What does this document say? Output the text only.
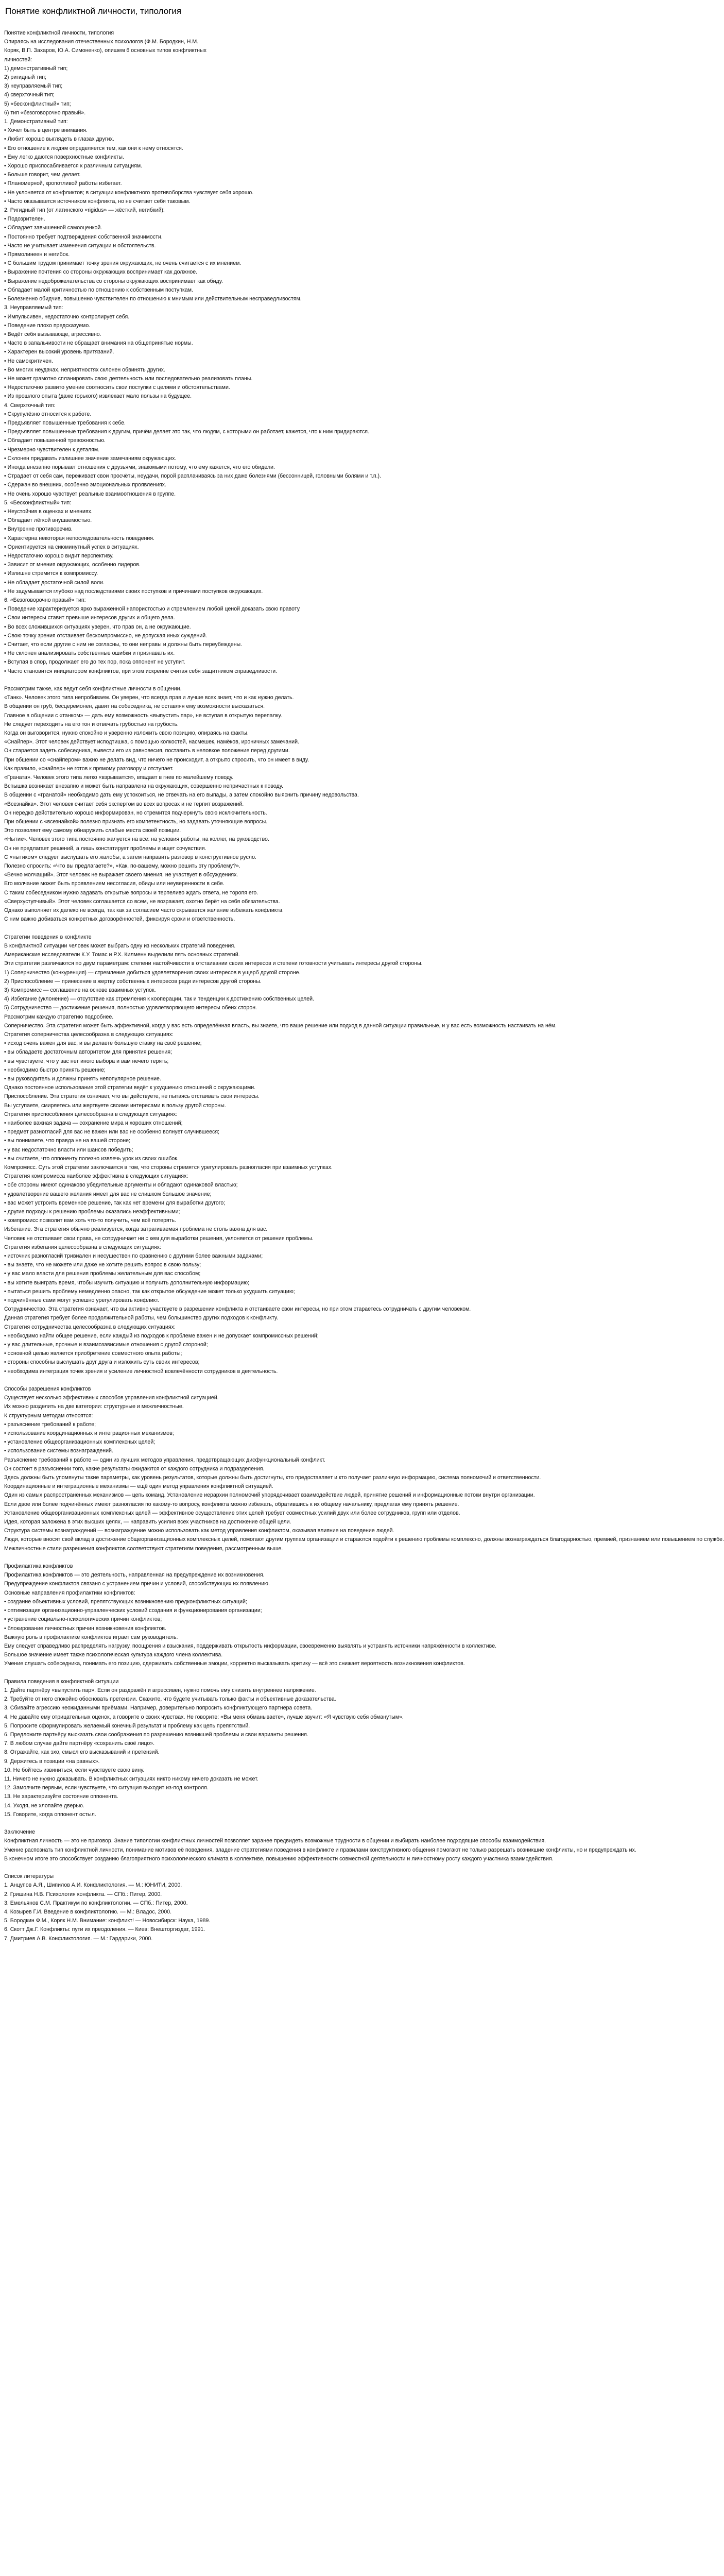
Понятие конфликтной личности, типология
Понятие конфликтной личности, типология
Опираясь на исследования отечественных психологов (Ф.М. Бородкин, Н.М.
Коряк, В.П. Захаров, Ю.А. Симоненко), опишем 6 основных типов конфликтных
личностей:
1) демонстративный тип;
2) ригидный тип;
3) неуправляемый тип;
4) сверхточный тип;
5) «бесконфликтный» тип;
6) тип «безоговорочно правый».
1. Демонстративный тип:
• Хочет быть в центре внимания.
• Любит хорошо выглядеть в глазах других.
• Его отношение к людям определяется тем, как они к нему относятся.
• Ему легко даются поверхностные конфликты.
• Хорошо приспосабливается к различным ситуациям.
• Больше говорит, чем делает.
• Планомерной, кропотливой работы избегает.
• Не уклоняется от конфликтов; в ситуации конфликтного противоборства чувствует себя хорошо.
• Часто оказывается источником конфликта, но не считает себя таковым.
2. Ригидный тип (от латинского «rigidus» — жёсткий, негибкий):
• Подозрителен.
• Обладает завышенной самооценкой.
• Постоянно требует подтверждения собственной значимости.
• Часто не учитывает изменения ситуации и обстоятельств.
• Прямолинеен и негибок.
• С большим трудом принимает точку зрения окружающих, не очень считается с их мнением.
• Выражение почтения со стороны окружающих воспринимает как должное.
• Выражение недоброжелательства со стороны окружающих воспринимает как обиду.
• Обладает малой критичностью по отношению к собственным поступкам.
• Болезненно обидчив, повышенно чувствителен по отношению к мнимым или действительным несправедливостям.
3. Неуправляемый тип:
• Импульсивен, недостаточно контролирует себя.
• Поведение плохо предсказуемо.
• Ведёт себя вызывающе, агрессивно.
• Часто в запальчивости не обращает внимания на общепринятые нормы.
• Характерен высокий уровень притязаний.
• Не самокритичен.
• Во многих неудачах, неприятностях склонен обвинять других.
• Не может грамотно спланировать свою деятельность или последовательно реализовать планы.
• Недостаточно развито умение соотносить свои поступки с целями и обстоятельствами.
• Из прошлого опыта (даже горького) извлекает мало пользы на будущее.
4. Сверхточный тип:
• Скрупулёзно относится к работе.
• Предъявляет повышенные требования к себе.
• Предъявляет повышенные требования к другим, причём делает это так, что людям, с которыми он работает, кажется, что к ним придираются.
• Обладает повышенной тревожностью.
• Чрезмерно чувствителен к деталям.
• Склонен придавать излишнее значение замечаниям окружающих.
• Иногда внезапно порывает отношения с друзьями, знакомыми потому, что ему кажется, что его обидели.
• Страдает от себя сам, переживает свои просчёты, неудачи, порой расплачиваясь за них даже болезнями (бессонницей, головными болями и т.п.).
• Сдержан во внешних, особенно эмоциональных проявлениях.
• Не очень хорошо чувствует реальные взаимоотношения в группе.
5. «Бесконфликтный» тип:
• Неустойчив в оценках и мнениях.
• Обладает лёгкой внушаемостью.
• Внутренне противоречив.
• Характерна некоторая непоследовательность поведения.
• Ориентируется на сиюминутный успех в ситуациях.
• Недостаточно хорошо видит перспективу.
• Зависит от мнения окружающих, особенно лидеров.
• Излишне стремится к компромиссу.
• Не обладает достаточной силой воли.
• Не задумывается глубоко над последствиями своих поступков и причинами поступков окружающих.
6. «Безоговорочно правый» тип:
• Поведение характеризуется ярко выраженной напористостью и стремлением любой ценой доказать свою правоту.
• Свои интересы ставит превыше интересов других и общего дела.
• Во всех сложившихся ситуациях уверен, что прав он, а не окружающие.
• Свою точку зрения отстаивает бескомпромиссно, не допуская иных суждений.
• Считает, что если другие с ним не согласны, то они неправы и должны быть переубеждены.
• Не склонен анализировать собственные ошибки и признавать их.
• Вступая в спор, продолжает его до тех пор, пока оппонент не уступит.
• Часто становится инициатором конфликтов, при этом искренне считая себя защитником справедливости.
Рассмотрим также, как ведут себя конфликтные личности в общении.
«Танк». Человек этого типа непробиваем. Он уверен, что всегда прав и лучше всех знает, что и как нужно делать.
В общении он груб, бесцеремонен, давит на собеседника, не оставляя ему возможности высказаться.
Главное в общении с «танком» — дать ему возможность «выпустить пар», не вступая в открытую перепалку.
Не следует переходить на его тон и отвечать грубостью на грубость.
Когда он выговорится, нужно спокойно и уверенно изложить свою позицию, опираясь на факты.
«Снайпер». Этот человек действует исподтишка, с помощью колкостей, насмешек, намёков, ироничных замечаний.
Он старается задеть собеседника, вывести его из равновесия, поставить в неловкое положение перед другими.
При общении со «снайпером» важно не делать вид, что ничего не происходит, а открыто спросить, что он имеет в виду.
Как правило, «снайпер» не готов к прямому разговору и отступает.
«Граната». Человек этого типа легко «взрывается», впадает в гнев по малейшему поводу.
Вспышка возникает внезапно и может быть направлена на окружающих, совершенно непричастных к поводу.
В общении с «гранатой» необходимо дать ему успокоиться, не отвечать на его выпады, а затем спокойно выяснить причину недовольства.
«Всезнайка». Этот человек считает себя экспертом во всех вопросах и не терпит возражений.
Он нередко действительно хорошо информирован, но стремится подчеркнуть свою исключительность.
При общении с «всезнайкой» полезно признать его компетентность, но задавать уточняющие вопросы.
Это позволяет ему самому обнаружить слабые места своей позиции.
«Нытик». Человек этого типа постоянно жалуется на всё: на условия работы, на коллег, на руководство.
Он не предлагает решений, а лишь констатирует проблемы и ищет сочувствия.
С «нытиком» следует выслушать его жалобы, а затем направить разговор в конструктивное русло.
Полезно спросить: «Что вы предлагаете?», «Как, по-вашему, можно решить эту проблему?».
«Вечно молчащий». Этот человек не выражает своего мнения, не участвует в обсуждениях.
Его молчание может быть проявлением несогласия, обиды или неуверенности в себе.
С таким собеседником нужно задавать открытые вопросы и терпеливо ждать ответа, не торопя его.
«Сверхуступчивый». Этот человек соглашается со всем, не возражает, охотно берёт на себя обязательства.
Однако выполняет их далеко не всегда, так как за согласием часто скрывается желание избежать конфликта.
С ним важно добиваться конкретных договорённостей, фиксируя сроки и ответственность.
Стратегии поведения в конфликте
В конфликтной ситуации человек может выбрать одну из нескольких стратегий поведения.
Американские исследователи К.У. Томас и Р.Х. Килменн выделили пять основных стратегий.
Эти стратегии различаются по двум параметрам: степени настойчивости в отстаивании своих интересов и степени готовности учитывать интересы другой стороны.
1) Соперничество (конкуренция) — стремление добиться удовлетворения своих интересов в ущерб другой стороне.
2) Приспособление — принесение в жертву собственных интересов ради интересов другой стороны.
3) Компромисс — соглашение на основе взаимных уступок.
4) Избегание (уклонение) — отсутствие как стремления к кооперации, так и тенденции к достижению собственных целей.
5) Сотрудничество — достижение решения, полностью удовлетворяющего интересы обеих сторон.
Рассмотрим каждую стратегию подробнее.
Соперничество. Эта стратегия может быть эффективной, когда у вас есть определённая власть, вы знаете, что ваше решение или подход в данной ситуации правильные, и у вас есть возможность настаивать на нём.
Стратегия соперничества целесообразна в следующих ситуациях:
• исход очень важен для вас, и вы делаете большую ставку на своё решение;
• вы обладаете достаточным авторитетом для принятия решения;
• вы чувствуете, что у вас нет иного выбора и вам нечего терять;
• необходимо быстро принять решение;
• вы руководитель и должны принять непопулярное решение.
Однако постоянное использование этой стратегии ведёт к ухудшению отношений с окружающими.
Приспособление. Эта стратегия означает, что вы действуете, не пытаясь отстаивать свои интересы.
Вы уступаете, смиряетесь или жертвуете своими интересами в пользу другой стороны.
Стратегия приспособления целесообразна в следующих ситуациях:
• наиболее важная задача — сохранение мира и хороших отношений;
• предмет разногласий для вас не важен или вас не особенно волнует случившееся;
• вы понимаете, что правда не на вашей стороне;
• у вас недостаточно власти или шансов победить;
• вы считаете, что оппоненту полезно извлечь урок из своих ошибок.
Компромисс. Суть этой стратегии заключается в том, что стороны стремятся урегулировать разногласия при взаимных уступках.
Стратегия компромисса наиболее эффективна в следующих ситуациях:
• обе стороны имеют одинаково убедительные аргументы и обладают одинаковой властью;
• удовлетворение вашего желания имеет для вас не слишком большое значение;
• вас может устроить временное решение, так как нет времени для выработки другого;
• другие подходы к решению проблемы оказались неэффективными;
• компромисс позволит вам хоть что-то получить, чем всё потерять.
Избегание. Эта стратегия обычно реализуется, когда затрагиваемая проблема не столь важна для вас.
Человек не отстаивает свои права, не сотрудничает ни с кем для выработки решения, уклоняется от решения проблемы.
Стратегия избегания целесообразна в следующих ситуациях:
• источник разногласий тривиален и несуществен по сравнению с другими более важными задачами;
• вы знаете, что не можете или даже не хотите решить вопрос в свою пользу;
• у вас мало власти для решения проблемы желательным для вас способом;
• вы хотите выиграть время, чтобы изучить ситуацию и получить дополнительную информацию;
• пытаться решить проблему немедленно опасно, так как открытое обсуждение может только ухудшить ситуацию;
• подчинённые сами могут успешно урегулировать конфликт.
Сотрудничество. Эта стратегия означает, что вы активно участвуете в разрешении конфликта и отстаиваете свои интересы, но при этом стараетесь сотрудничать с другим человеком.
Данная стратегия требует более продолжительной работы, чем большинство других подходов к конфликту.
Стратегия сотрудничества целесообразна в следующих ситуациях:
• необходимо найти общее решение, если каждый из подходов к проблеме важен и не допускает компромиссных решений;
• у вас длительные, прочные и взаимозависимые отношения с другой стороной;
• основной целью является приобретение совместного опыта работы;
• стороны способны выслушать друг друга и изложить суть своих интересов;
• необходима интеграция точек зрения и усиление личностной вовлечённости сотрудников в деятельность.
Способы разрешения конфликтов
Существует несколько эффективных способов управления конфликтной ситуацией.
Их можно разделить на две категории: структурные и межличностные.
К структурным методам относятся:
• разъяснение требований к работе;
• использование координационных и интеграционных механизмов;
• установление общеорганизационных комплексных целей;
• использование системы вознаграждений.
Разъяснение требований к работе — один из лучших методов управления, предотвращающих дисфункциональный конфликт.
Он состоит в разъяснении того, какие результаты ожидаются от каждого сотрудника и подразделения.
Здесь должны быть упомянуты такие параметры, как уровень результатов, которые должны быть достигнуты, кто предоставляет и кто получает различную информацию, система полномочий и ответственности.
Координационные и интеграционные механизмы — ещё один метод управления конфликтной ситуацией.
Один из самых распространённых механизмов — цепь команд. Установление иерархии полномочий упорядочивает взаимодействие людей, принятие решений и информационные потоки внутри организации.
Если двое или более подчинённых имеют разногласия по какому-то вопросу, конфликта можно избежать, обратившись к их общему начальнику, предлагая ему принять решение.
Установление общеорганизационных комплексных целей — эффективное осуществление этих целей требует совместных усилий двух или более сотрудников, групп или отделов.
Идея, которая заложена в этих высших целях, — направить усилия всех участников на достижение общей цели.
Структура системы вознаграждений — вознаграждение можно использовать как метод управления конфликтом, оказывая влияние на поведение людей.
Люди, которые вносят свой вклад в достижение общеорганизационных комплексных целей, помогают другим группам организации и стараются подойти к решению проблемы комплексно, должны вознаграждаться благодарностью, премией, признанием или повышением по службе.
Межличностные стили разрешения конфликтов соответствуют стратегиям поведения, рассмотренным выше.
Профилактика конфликтов
Профилактика конфликтов — это деятельность, направленная на предупреждение их возникновения.
Предупреждение конфликтов связано с устранением причин и условий, способствующих их появлению.
Основные направления профилактики конфликтов:
• создание объективных условий, препятствующих возникновению предконфликтных ситуаций;
• оптимизация организационно-управленческих условий создания и функционирования организации;
• устранение социально-психологических причин конфликтов;
• блокирование личностных причин возникновения конфликтов.
Важную роль в профилактике конфликтов играет сам руководитель.
Ему следует справедливо распределять нагрузку, поощрения и взыскания, поддерживать открытость информации, своевременно выявлять и устранять источники напряжённости в коллективе.
Большое значение имеет также психологическая культура каждого члена коллектива.
Умение слушать собеседника, понимать его позицию, сдерживать собственные эмоции, корректно высказывать критику — всё это снижает вероятность возникновения конфликтов.
Правила поведения в конфликтной ситуации
1. Дайте партнёру «выпустить пар». Если он раздражён и агрессивен, нужно помочь ему снизить внутреннее напряжение.
2. Требуйте от него спокойно обосновать претензии. Скажите, что будете учитывать только факты и объективные доказательства.
3. Сбивайте агрессию неожиданными приёмами. Например, доверительно попросить конфликтующего партнёра совета.
4. Не давайте ему отрицательных оценок, а говорите о своих чувствах. Не говорите: «Вы меня обманываете», лучше звучит: «Я чувствую себя обманутым».
5. Попросите сформулировать желаемый конечный результат и проблему как цепь препятствий.
6. Предложите партнёру высказать свои соображения по разрешению возникшей проблемы и свои варианты решения.
7. В любом случае дайте партнёру «сохранить своё лицо».
8. Отражайте, как эхо, смысл его высказываний и претензий.
9. Держитесь в позиции «на равных».
10. Не бойтесь извиниться, если чувствуете свою вину.
11. Ничего не нужно доказывать. В конфликтных ситуациях никто никому ничего доказать не может.
12. Замолчите первым, если чувствуете, что ситуация выходит из-под контроля.
13. Не характеризуйте состояние оппонента.
14. Уходя, не хлопайте дверью.
15. Говорите, когда оппонент остыл.
Заключение
Конфликтная личность — это не приговор. Знание типологии конфликтных личностей позволяет заранее предвидеть возможные трудности в общении и выбирать наиболее подходящие способы взаимодействия.
Умение распознать тип конфликтной личности, понимание мотивов её поведения, владение стратегиями поведения в конфликте и правилами конструктивного общения помогают не только разрешать возникшие конфликты, но и предупреждать их.
В конечном итоге это способствует созданию благоприятного психологического климата в коллективе, повышению эффективности совместной деятельности и личностному росту каждого участника взаимодействия.
Список литературы
1. Анцупов А.Я., Шипилов А.И. Конфликтология. — М.: ЮНИТИ, 2000.
2. Гришина Н.В. Психология конфликта. — СПб.: Питер, 2000.
3. Емельянов С.М. Практикум по конфликтологии. — СПб.: Питер, 2000.
4. Козырев Г.И. Введение в конфликтологию. — М.: Владос, 2000.
5. Бородкин Ф.М., Коряк Н.М. Внимание: конфликт! — Новосибирск: Наука, 1989.
6. Скотт Дж.Г. Конфликты: пути их преодоления. — Киев: Внешторгиздат, 1991.
7. Дмитриев А.В. Конфликтология. — М.: Гардарики, 2000.
